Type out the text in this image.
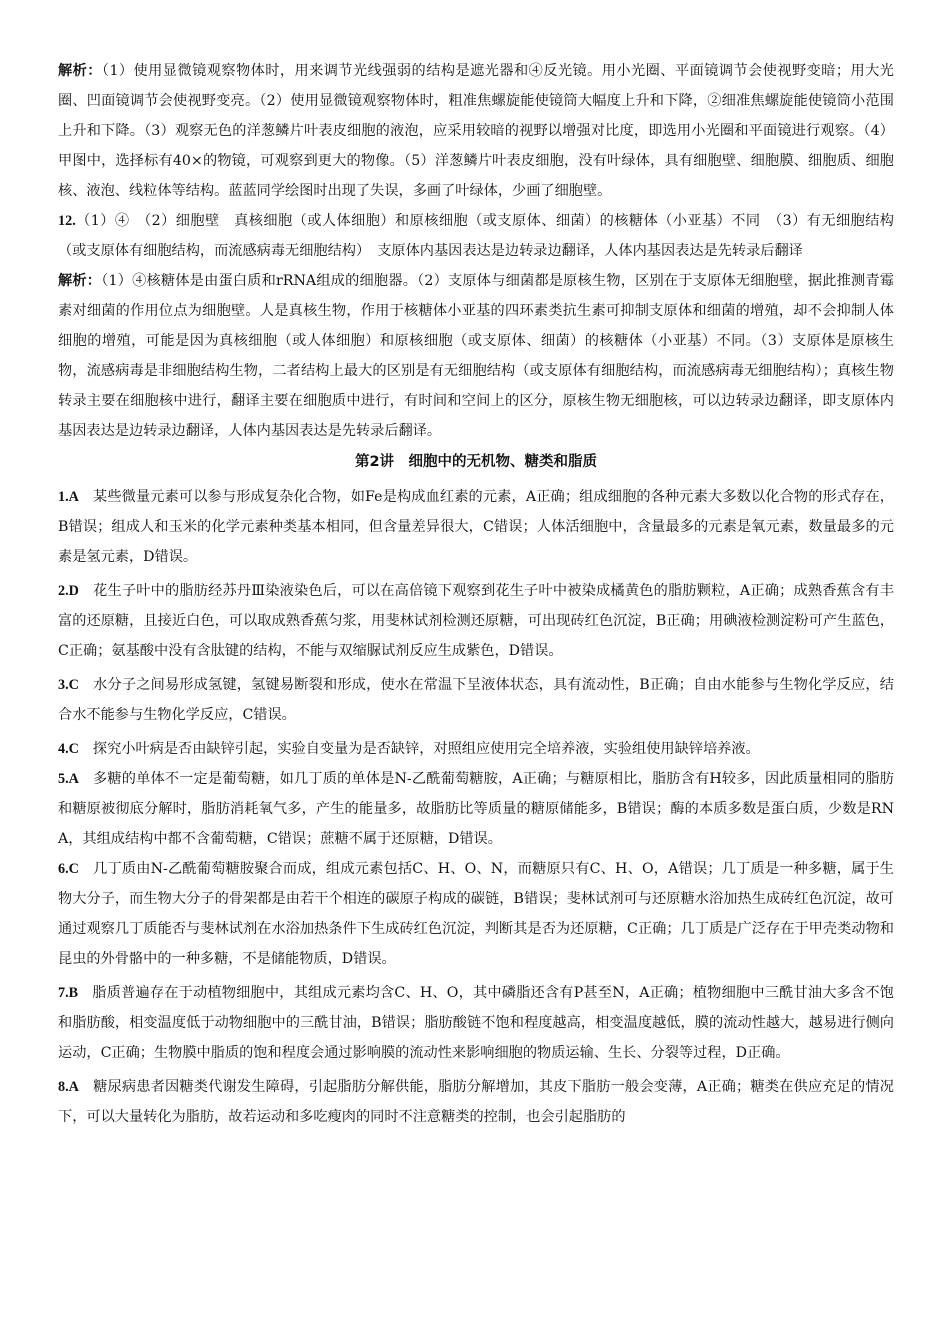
解析：（1）使用显微镜观察物体时，用来调节光线强弱的结构是遮光器和④反光镜。用小光圈、平面镜调节会使视野变暗；用大光圈、凹面镜调节会使视野变亮。（2）使用显微镜观察物体时，粗准焦螺旋能使镜筒大幅度上升和下降，②细准焦螺旋能使镜筒小范围上升和下降。（3）观察无色的洋葱鳞片叶表皮细胞的液泡，应采用较暗的视野以增强对比度，即选用小光圈和平面镜进行观察。（4）甲图中，选择标有40×的物镜，可观察到更大的物像。（5）洋葱鳞片叶表皮细胞，没有叶绿体，具有细胞壁、细胞膜、细胞质、细胞核、液泡、线粒体等结构。蓝蓝同学绘图时出现了失误，多画了叶绿体，少画了细胞壁。
12.（1）④　（2）细胞壁　真核细胞（或人体细胞）和原核细胞（或支原体、细菌）的核糖体（小亚基）不同　（3）有无细胞结构（或支原体有细胞结构，而流感病毒无细胞结构）　支原体内基因表达是边转录边翻译，人体内基因表达是先转录后翻译
解析：（1）④核糖体是由蛋白质和rRNA组成的细胞器。（2）支原体与细菌都是原核生物，区别在于支原体无细胞壁，据此推测青霉素对细菌的作用位点为细胞壁。人是真核生物，作用于核糖体小亚基的四环素类抗生素可抑制支原体和细菌的增殖，却不会抑制人体细胞的增殖，可能是因为真核细胞（或人体细胞）和原核细胞（或支原体、细菌）的核糖体（小亚基）不同。（3）支原体是原核生物，流感病毒是非细胞结构生物，二者结构上最大的区别是有无细胞结构（或支原体有细胞结构，而流感病毒无细胞结构）；真核生物转录主要在细胞核中进行，翻译主要在细胞质中进行，有时间和空间上的区分，原核生物无细胞核，可以边转录边翻译，即支原体内基因表达是边转录边翻译，人体内基因表达是先转录后翻译。
第2讲　细胞中的无机物、糖类和脂质
1.A 某些微量元素可以参与形成复杂化合物，如Fe是构成血红素的元素，A正确；组成细胞的各种元素大多数以化合物的形式存在，B错误；组成人和玉米的化学元素种类基本相同，但含量差异很大，C错误；人体活细胞中，含量最多的元素是氧元素，数量最多的元素是氢元素，D错误。
2.D 花生子叶中的脂肪经苏丹Ⅲ染液染色后，可以在高倍镜下观察到花生子叶中被染成橘黄色的脂肪颗粒，A正确；成熟香蕉含有丰富的还原糖，且接近白色，可以取成熟香蕉匀浆，用斐林试剂检测还原糖，可出现砖红色沉淀，B正确；用碘液检测淀粉可产生蓝色，C正确；氨基酸中没有含肽键的结构，不能与双缩脲试剂反应生成紫色，D错误。
3.C 水分子之间易形成氢键，氢键易断裂和形成，使水在常温下呈液体状态，具有流动性，B正确；自由水能参与生物化学反应，结合水不能参与生物化学反应，C错误。
4.C 探究小叶病是否由缺锌引起，实验自变量为是否缺锌，对照组应使用完全培养液，实验组使用缺锌培养液。
5.A 多糖的单体不一定是葡萄糖，如几丁质的单体是N-乙酰葡萄糖胺，A正确；与糖原相比，脂肪含有H较多，因此质量相同的脂肪和糖原被彻底分解时，脂肪消耗氧气多，产生的能量多，故脂肪比等质量的糖原储能多，B错误；酶的本质多数是蛋白质，少数是RNA，其组成结构中都不含葡萄糖，C错误；蔗糖不属于还原糖，D错误。
6.C 几丁质由N-乙酰葡萄糖胺聚合而成，组成元素包括C、H、O、N，而糖原只有C、H、O，A错误；几丁质是一种多糖，属于生物大分子，而生物大分子的骨架都是由若干个相连的碳原子构成的碳链，B错误；斐林试剂可与还原糖水浴加热生成砖红色沉淀，故可通过观察几丁质能否与斐林试剂在水浴加热条件下生成砖红色沉淀，判断其是否为还原糖，C正确；几丁质是广泛存在于甲壳类动物和昆虫的外骨骼中的一种多糖，不是储能物质，D错误。
7.B 脂质普遍存在于动植物细胞中，其组成元素均含C、H、O，其中磷脂还含有P甚至N，A正确；植物细胞中三酰甘油大多含不饱和脂肪酸，相变温度低于动物细胞中的三酰甘油，B错误；脂肪酸链不饱和程度越高，相变温度越低，膜的流动性越大，越易进行侧向运动，C正确；生物膜中脂质的饱和程度会通过影响膜的流动性来影响细胞的物质运输、生长、分裂等过程，D正确。
8.A 糖尿病患者因糖类代谢发生障碍，引起脂肪分解供能，脂肪分解增加，其皮下脂肪一般会变薄，A正确；糖类在供应充足的情况下，可以大量转化为脂肪，故若运动和多吃瘦肉的同时不注意糖类的控制，也会引起脂肪的
